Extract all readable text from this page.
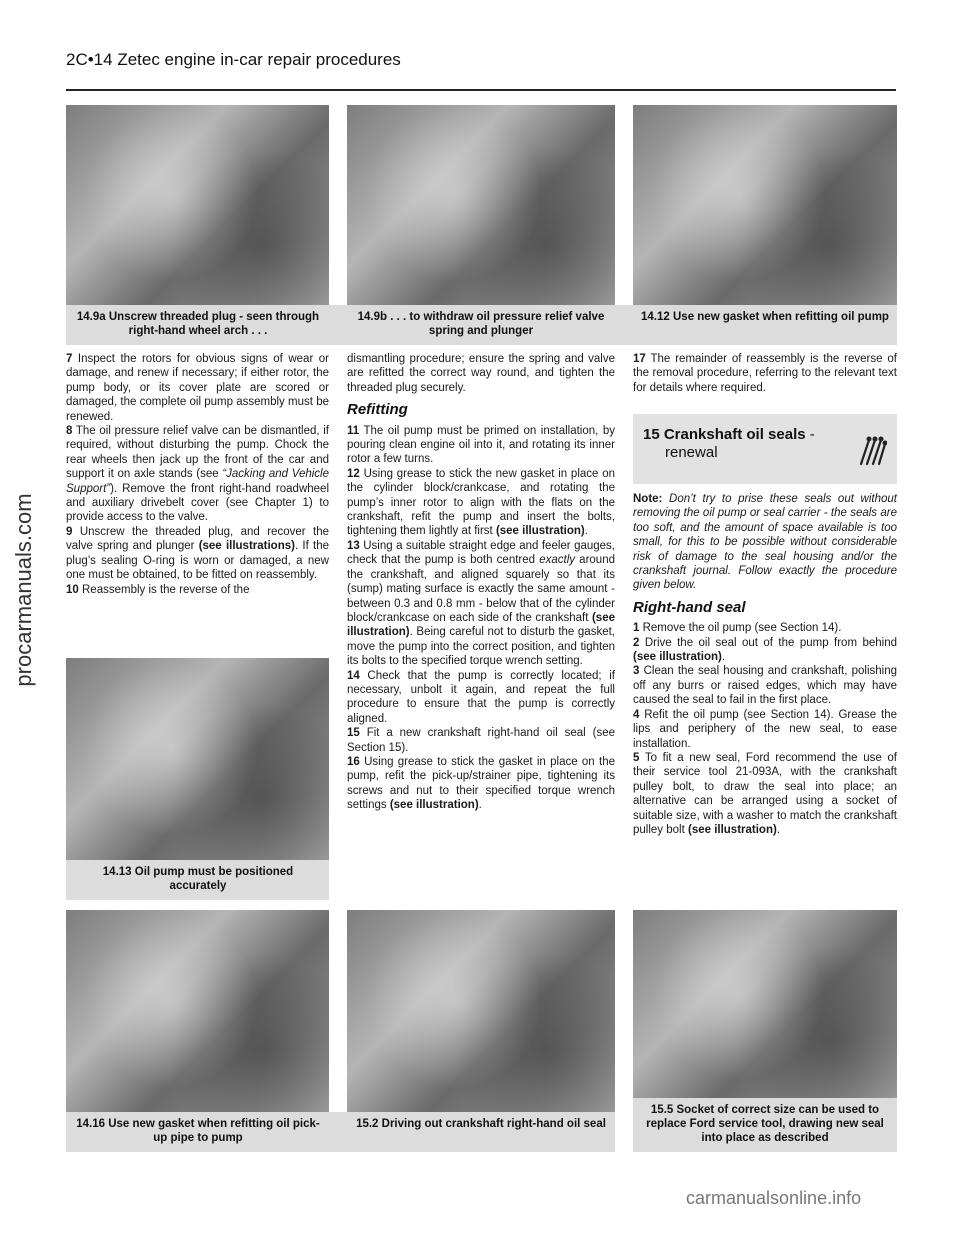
2C•14 Zetec engine in-car repair procedures
procarmanuals.com
14.9a Unscrew threaded plug - seen through right-hand wheel arch . . .
14.9b . . . to withdraw oil pressure relief valve spring and plunger
14.12 Use new gasket when refitting oil pump

7 Inspect the rotors for obvious signs of wear or damage, and renew if necessary; if either rotor, the pump body, or its cover plate are scored or damaged, the complete oil pump assembly must be renewed.

8 The oil pressure relief valve can be dismantled, if required, without disturbing the pump. Chock the rear wheels then jack up the front of the car and support it on axle stands (see “Jacking and Vehicle Support”). Remove the front right-hand roadwheel and auxiliary drivebelt cover (see Chapter 1) to provide access to the valve.

9 Unscrew the threaded plug, and recover the valve spring and plunger (see illustrations). If the plug’s sealing O-ring is worn or damaged, a new one must be obtained, to be fitted on reassembly.

10 Reassembly is the reverse of the

14.13 Oil pump must be positioned accurately

dismantling procedure; ensure the spring and valve are refitted the correct way round, and tighten the threaded plug securely.

Refitting

11 The oil pump must be primed on installation, by pouring clean engine oil into it, and rotating its inner rotor a few turns.

12 Using grease to stick the new gasket in place on the cylinder block/crankcase, and rotating the pump’s inner rotor to align with the flats on the crankshaft, refit the pump and insert the bolts, tightening them lightly at first (see illustration).

13 Using a suitable straight edge and feeler gauges, check that the pump is both centred exactly around the crankshaft, and aligned squarely so that its (sump) mating surface is exactly the same amount - between 0.3 and 0.8 mm - below that of the cylinder block/crankcase on each side of the crankshaft (see illustration). Being careful not to disturb the gasket, move the pump into the correct position, and tighten its bolts to the specified torque wrench setting.

14 Check that the pump is correctly located; if necessary, unbolt it again, and repeat the full procedure to ensure that the pump is correctly aligned.

15 Fit a new crankshaft right-hand oil seal (see Section 15).

16 Using grease to stick the gasket in place on the pump, refit the pick-up/strainer pipe, tightening its screws and nut to their specified torque wrench settings (see illustration).

17 The remainder of reassembly is the reverse of the removal procedure, referring to the relevant text for details where required.

15 Crankshaft oil seals -
renewal

Note: Don’t try to prise these seals out without removing the oil pump or seal carrier - the seals are too soft, and the amount of space available is too small, for this to be possible without considerable risk of damage to the seal housing and/or the crankshaft journal. Follow exactly the procedure given below.

Right-hand seal

1 Remove the oil pump (see Section 14).

2 Drive the oil seal out of the pump from behind (see illustration).

3 Clean the seal housing and crankshaft, polishing off any burrs or raised edges, which may have caused the seal to fail in the first place.

4 Refit the oil pump (see Section 14). Grease the lips and periphery of the new seal, to ease installation.

5 To fit a new seal, Ford recommend the use of their service tool 21-093A, with the crankshaft pulley bolt, to draw the seal into place; an alternative can be arranged using a socket of suitable size, with a washer to match the crankshaft pulley bolt (see illustration).

14.16 Use new gasket when refitting oil pick-up pipe to pump
15.2 Driving out crankshaft right-hand oil seal
15.5 Socket of correct size can be used to replace Ford service tool, drawing new seal into place as described
carmanualsonline.info
